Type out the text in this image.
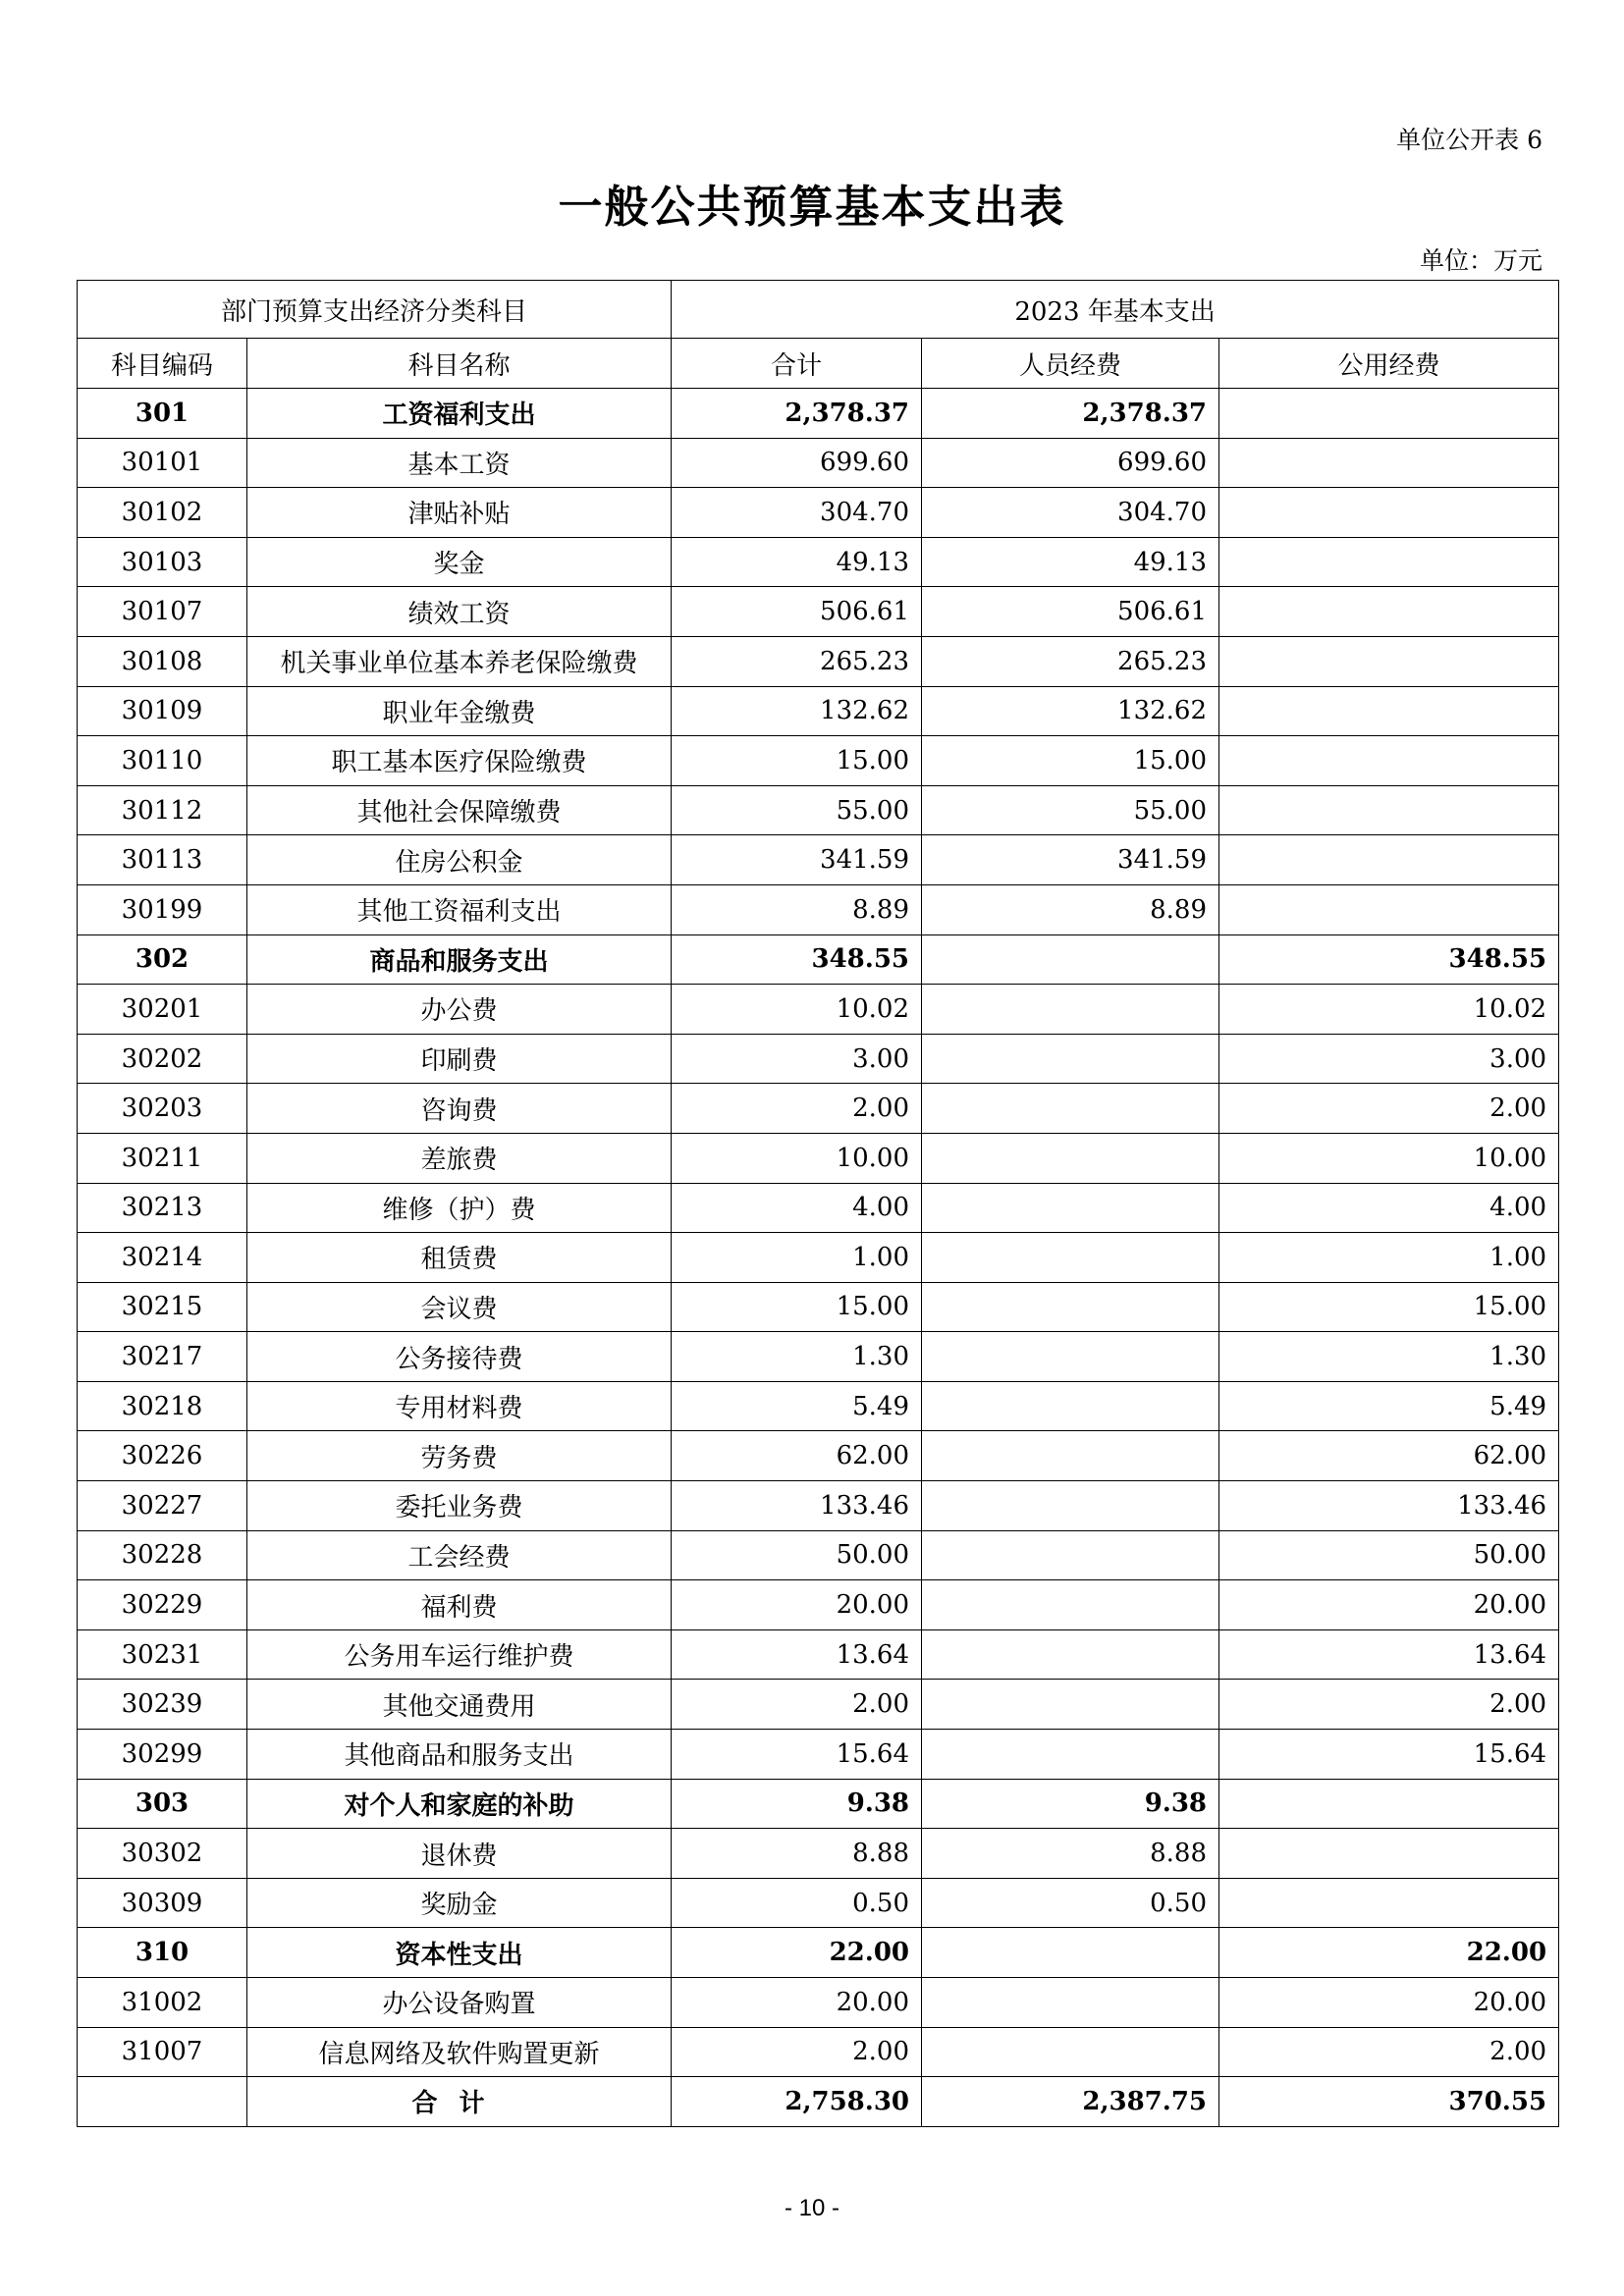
单位公开表 6
一般公共预算基本支出表
单位：万元
部门预算支出经济分类科目		2023 年基本支出		
科目编码	科目名称	合计	人员经费	公用经费
301	工资福利支出	2,378.37	2,378.37	
30101	基本工资	699.60	699.60	
30102	津贴补贴	304.70	304.70	
30103	奖金	49.13	49.13	
30107	绩效工资	506.61	506.61	
30108	机关事业单位基本养老保险缴费	265.23	265.23	
30109	职业年金缴费	132.62	132.62	
30110	职工基本医疗保险缴费	15.00	15.00	
30112	其他社会保障缴费	55.00	55.00	
30113	住房公积金	341.59	341.59	
30199	其他工资福利支出	8.89	8.89	
302	商品和服务支出	348.55		348.55
30201	办公费	10.02		10.02
30202	印刷费	3.00		3.00
30203	咨询费	2.00		2.00
30211	差旅费	10.00		10.00
30213	维修（护）费	4.00		4.00
30214	租赁费	1.00		1.00
30215	会议费	15.00		15.00
30217	公务接待费	1.30		1.30
30218	专用材料费	5.49		5.49
30226	劳务费	62.00		62.00
30227	委托业务费	133.46		133.46
30228	工会经费	50.00		50.00
30229	福利费	20.00		20.00
30231	公务用车运行维护费	13.64		13.64
30239	其他交通费用	2.00		2.00
30299	其他商品和服务支出	15.64		15.64
303	对个人和家庭的补助	9.38	9.38	
30302	退休费	8.88	8.88	
30309	奖励金	0.50	0.50	
310	资本性支出	22.00		22.00
31002	办公设备购置	20.00		20.00
31007	信息网络及软件购置更新	2.00		2.00
	合计	2,758.30	2,387.75	370.55
- 10 -
